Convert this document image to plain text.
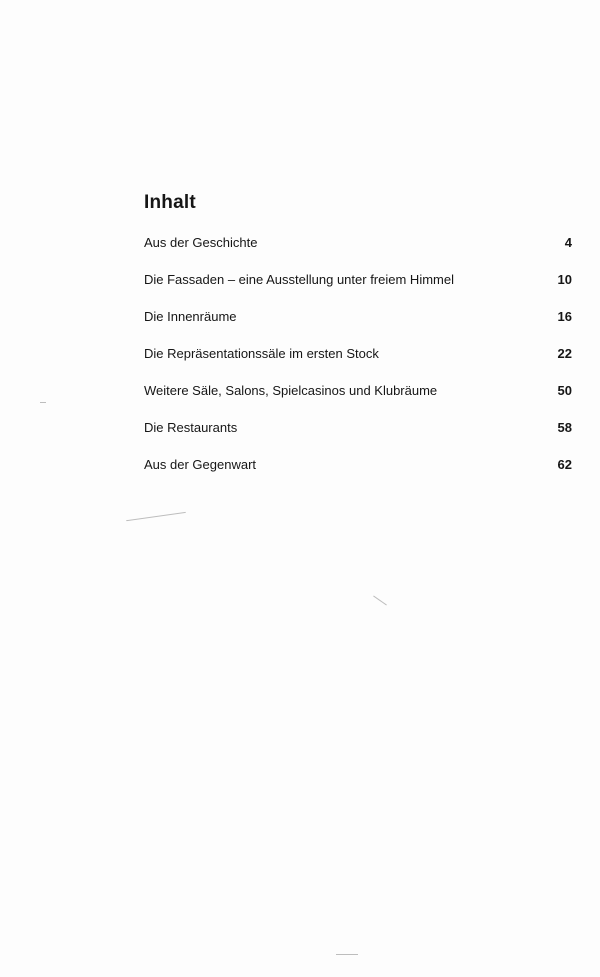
Inhalt
Aus der Geschichte	4
Die Fassaden – eine Ausstellung unter freiem Himmel	10
Die Innenräume	16
Die Repräsentationssäle im ersten Stock	22
Weitere Säle, Salons, Spielcasinos und Klubräume	50
Die Restaurants	58
Aus der Gegenwart	62
